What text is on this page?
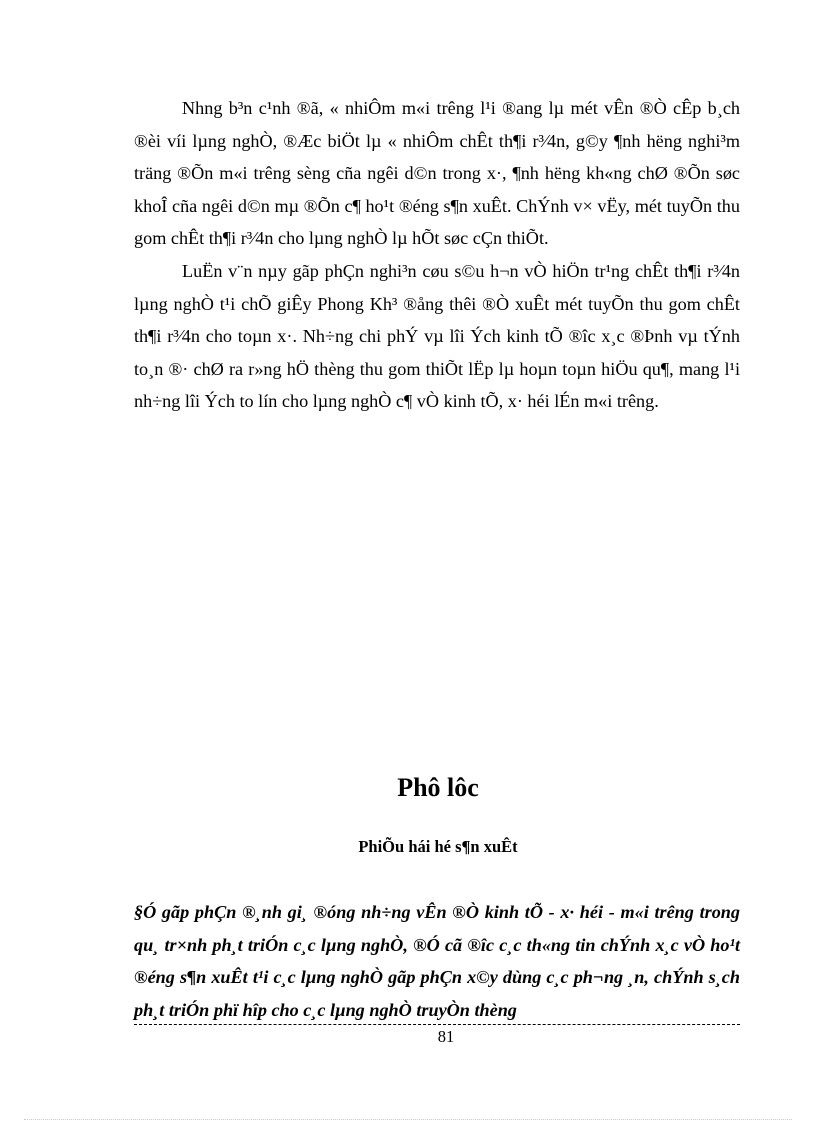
Nhng b³n c¹nh ®ã, « nhiÔm m«i trêng l¹i ®ang lµ mét vÊn ®Ò cÊp b¸ch ®èi víi lµng nghÒ, ®Æc biÖt lµ « nhiÔm chÊt th¶i r³⁄4n, g©y ¶nh hëng nghi³m träng ®Õn m«i trêng sèng cña ngêi d©n trong x·, ¶nh hëng kh«ng chØ ®Õn søc khoÎ cña ngêi d©n mµ ®Õn c¶ ho¹t ®éng s¶n xuÊt. ChÝnh v× vËy, mét tuyÕn thu gom chÊt th¶i r³⁄4n cho lµng nghÒ lµ hÕt søc cÇn thiÕt.

LuËn v¨n nµy gãp phÇn nghi³n cøu s©u h¬n vÒ hiÖn tr¹ng chÊt th¶i r³⁄4n lµng nghÒ t¹i chÕ giÊy Phong Kh³ ®ång thêi ®Ò xuÊt mét tuyÕn thu gom chÊt th¶i r³⁄4n cho toµn x·. Nh÷ng chi phÝ vµ lîi Ých kinh tÕ ®îc x¸c ®Þnh vµ tÝnh to¸n ®· chØ ra r»ng hÖ thèng thu gom thiÕt lËp lµ hoµn toµn hiÖu qu¶, mang l¹i nh÷ng lîi Ých to lín cho lµng nghÒ c¶ vÒ kinh tÕ, x· héi lÉn m«i trêng.

Phô lôc
PhiÕu hái hé s¶n xuÊt

§Ó gãp phÇn ®¸nh gi¸ ®óng nh÷ng vÊn ®Ò kinh tÕ - x· héi - m«i trêng trong qu¸ tr×nh ph¸t triÓn c¸c lµng nghÒ, ®Ó cã ®îc c¸c th«ng tin chÝnh x¸c vÒ ho¹t ®éng s¶n xuÊt t¹i c¸c lµng nghÒ gãp phÇn x©y dùng c¸c ph¬ng ¸n, chÝnh s¸ch ph¸t triÓn phï hîp cho c¸c lµng nghÒ truyÒn thèng

81
